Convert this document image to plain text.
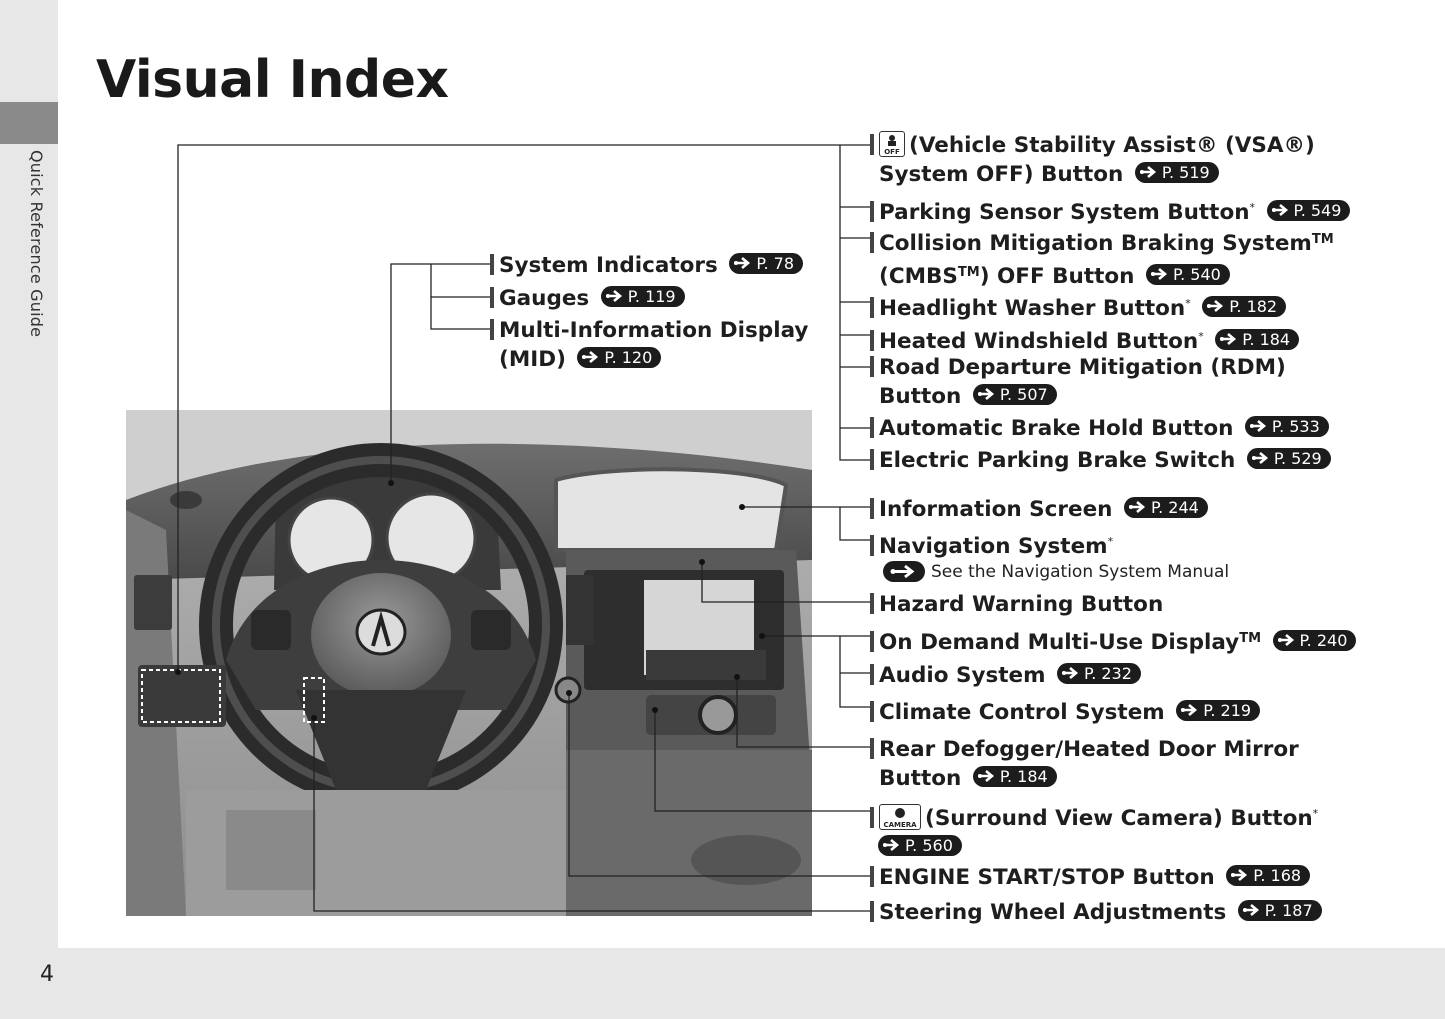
Quick Reference Guide
4
Visual Index
System Indicators P. 78
Gauges P. 119
Multi-Information Display
(MID) P. 120
OFF (Vehicle Stability Assist® (VSA®)
System OFF) Button P. 519
Parking Sensor System Button* P. 549
Collision Mitigation Braking System™
(CMBS™) OFF Button P. 540
Headlight Washer Button* P. 182
Heated Windshield Button* P. 184
Road Departure Mitigation (RDM)
Button P. 507
Automatic Brake Hold Button P. 533
Electric Parking Brake Switch P. 529
Information Screen P. 244
Navigation System*
See the Navigation System Manual
Hazard Warning Button
On Demand Multi-Use Display™ P. 240
Audio System P. 232
Climate Control System P. 219
Rear Defogger/Heated Door Mirror
Button P. 184
CAMERA (Surround View Camera) Button*

P. 560
ENGINE START/STOP Button P. 168
Steering Wheel Adjustments P. 187
